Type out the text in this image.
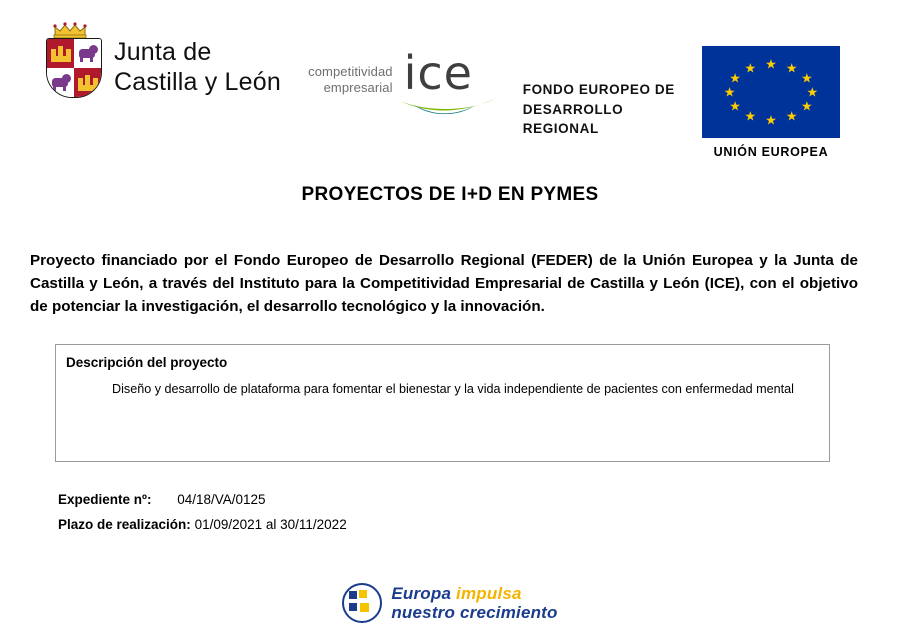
Junta de
Castilla y León competitividad
empresarial ice	FONDO EUROPEO DE
DESARROLLO
REGIONAL
★ ★
★
★
★
★
★
★
★
★
★
★
UNIÓN EUROPEA
PROYECTOS DE I+D EN PYMES
Proyecto financiado por el Fondo Europeo de Desarrollo Regional (FEDER) de la Unión Europea y la Junta de Castilla y León, a través del Instituto para la Competitividad Empresarial de Castilla y León (ICE), con el objetivo de potenciar la investigación, el desarrollo tecnológico y la innovación.
Descripción del proyecto
Diseño y desarrollo de plataforma para fomentar el bienestar y la vida independiente de pacientes con enfermedad mental
Expediente nº: 04/18/VA/0125
Plazo de realización: 01/09/2021 al 30/11/2022
Europa impulsa
nuestro crecimiento
